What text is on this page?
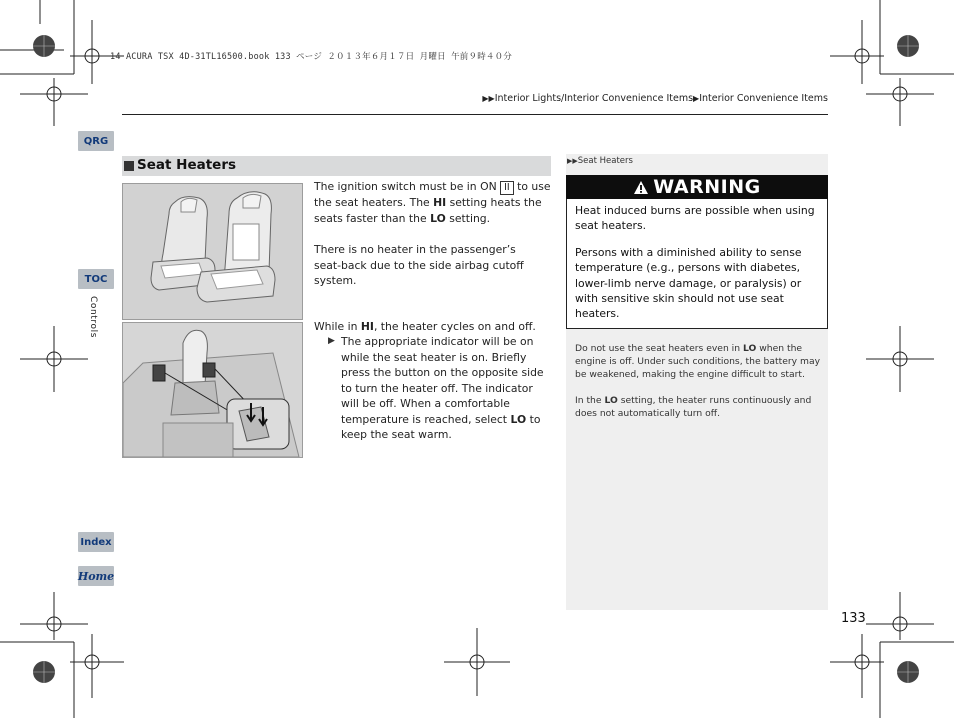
14 ACURA TSX 4D-31TL16500.book 133 ページ ２０１３年６月１７日 月曜日 午前９時４０分
▶▶Interior Lights/Interior Convenience Items▶Interior Convenience Items
QRG
TOC
Controls
Index
Home
Seat Heaters
The ignition switch must be in ON II to use the seat heaters. The HI setting heats the seats faster than the LO setting.
There is no heater in the passenger’s seat-back due to the side airbag cutoff system.
While in HI, the heater cycles on and off.
▶ The appropriate indicator will be on while the seat heater is on. Briefly press the button on the opposite side to turn the heater off. The indicator will be off. When a comfortable temperature is reached, select LO to keep the seat warm.
▶▶Seat Heaters
WARNING
Heat induced burns are possible when using seat heaters.
Persons with a diminished ability to sense temperature (e.g., persons with diabetes, lower-limb nerve damage, or paralysis) or with sensitive skin should not use seat heaters.
Do not use the seat heaters even in LO when the engine is off. Under such conditions, the battery may be weakened, making the engine difficult to start.
In the LO setting, the heater runs continuously and does not automatically turn off.
133
